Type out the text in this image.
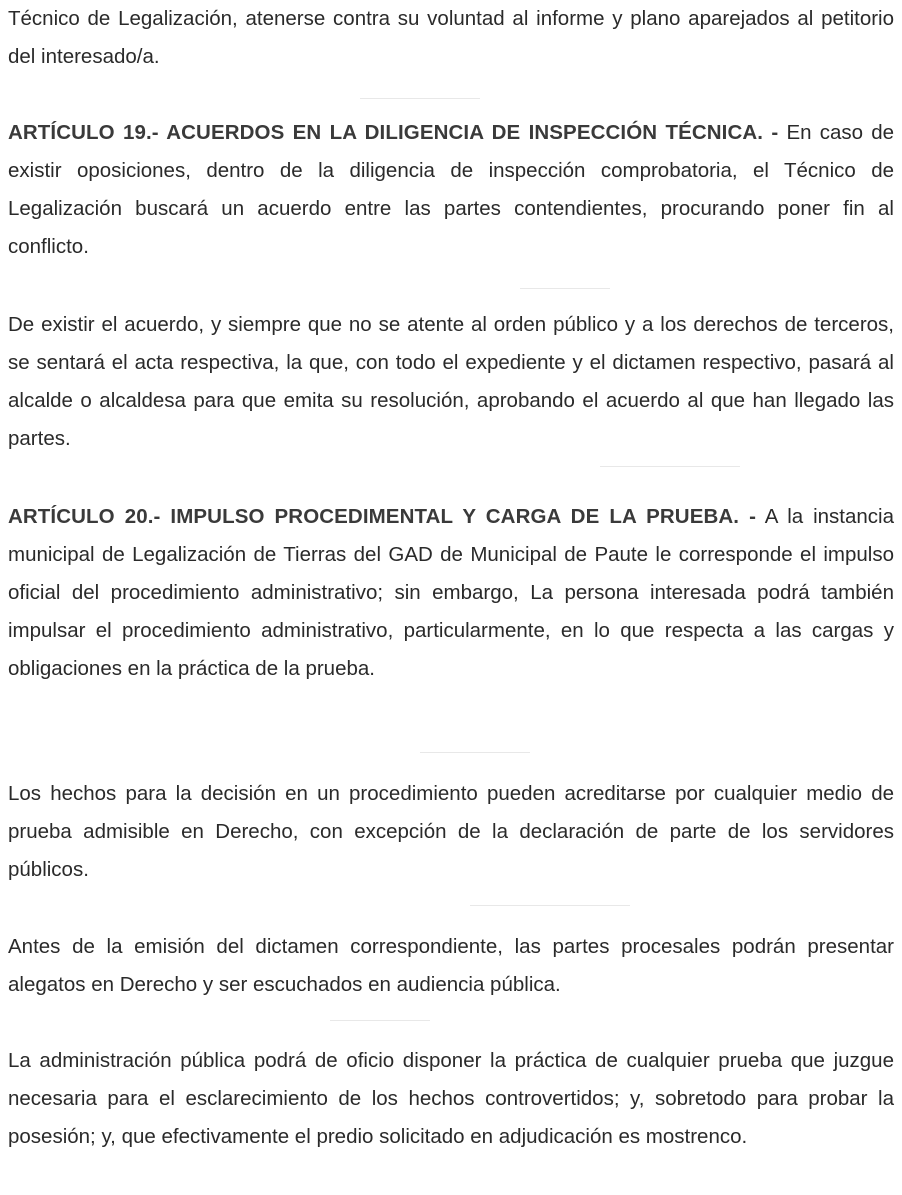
Técnico de Legalización, atenerse contra su voluntad al informe y plano aparejados al petitorio del interesado/a.

ARTÍCULO 19.- ACUERDOS EN LA DILIGENCIA DE INSPECCIÓN TÉCNICA. - En caso de existir oposiciones, dentro de la diligencia de inspección comprobatoria, el Técnico de Legalización buscará un acuerdo entre las partes contendientes, procurando poner fin al conflicto.

De existir el acuerdo, y siempre que no se atente al orden público y a los derechos de terceros, se sentará el acta respectiva, la que, con todo el expediente y el dictamen respectivo, pasará al alcalde o alcaldesa para que emita su resolución, aprobando el acuerdo al que han llegado las partes.

ARTÍCULO 20.- IMPULSO PROCEDIMENTAL Y CARGA DE LA PRUEBA. - A la instancia municipal de Legalización de Tierras del GAD de Municipal de Paute le corresponde el impulso oficial del procedimiento administrativo; sin embargo, La persona interesada podrá también impulsar el procedimiento administrativo, particularmente, en lo que respecta a las cargas y obligaciones en la práctica de la prueba.

Los hechos para la decisión en un procedimiento pueden acreditarse por cualquier medio de prueba admisible en Derecho, con excepción de la declaración de parte de los servidores públicos.

Antes de la emisión del dictamen correspondiente, las partes procesales podrán presentar alegatos en Derecho y ser escuchados en audiencia pública.

La administración pública podrá de oficio disponer la práctica de cualquier prueba que juzgue necesaria para el esclarecimiento de los hechos controvertidos; y, sobretodo para probar la posesión; y, que efectivamente el predio solicitado en adjudicación es mostrenco.
